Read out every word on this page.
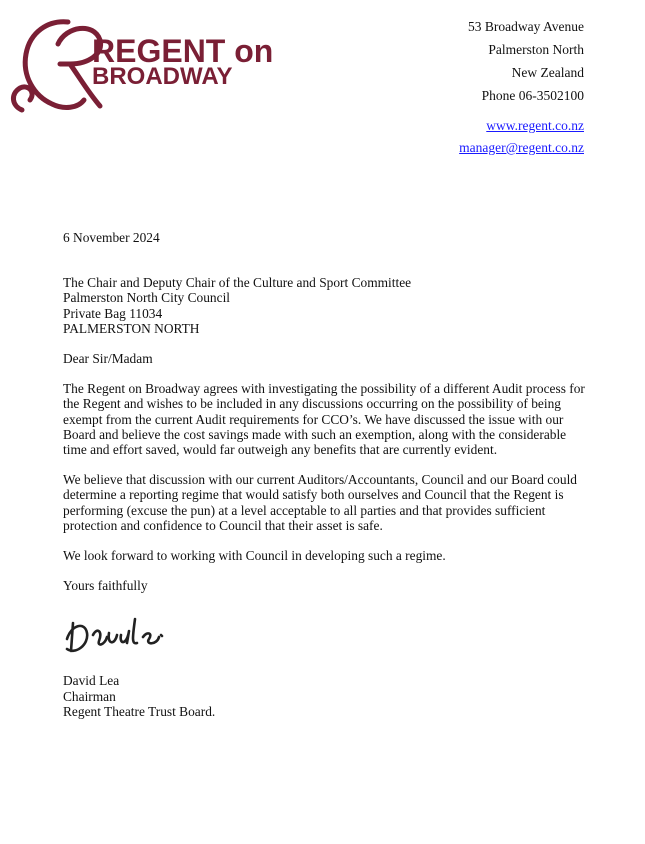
REGENT on
BROADWAY
53 Broadway Avenue
Palmerston North
New Zealand
Phone 06-3502100
www.regent.co.nz
manager@regent.co.nz
6 November 2024
The Chair and Deputy Chair of the Culture and Sport Committee
Palmerston North City Council
Private Bag 11034
PALMERSTON NORTH
Dear Sir/Madam
The Regent on Broadway agrees with investigating the possibility of a different Audit process for the Regent and wishes to be included in any discussions occurring on the possibility of being exempt from the current Audit requirements for CCO’s. We have discussed the issue with our Board and believe the cost savings made with such an exemption, along with the considerable time and effort saved, would far outweigh any benefits that are currently evident.
We believe that discussion with our current Auditors/Accountants, Council and our Board could determine a reporting regime that would satisfy both ourselves and Council that the Regent is performing (excuse the pun) at a level acceptable to all parties and that provides sufficient protection and confidence to Council that their asset is safe.
We look forward to working with Council in developing such a regime.
Yours faithfully
David Lea
Chairman
Regent Theatre Trust Board.
